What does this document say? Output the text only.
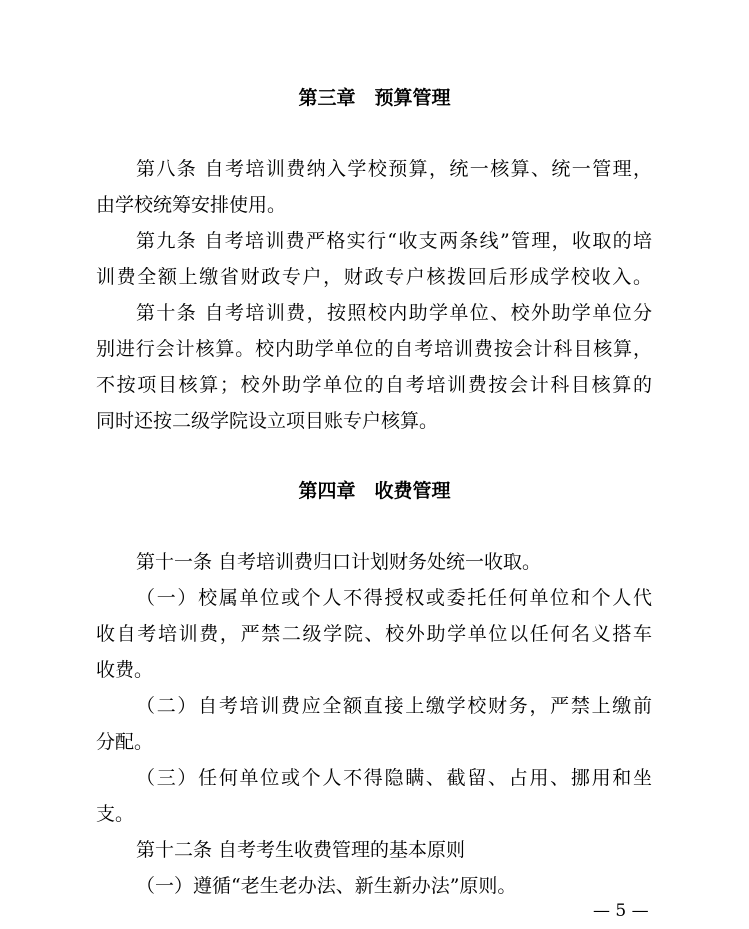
第三章　预算管理
第八条 自考培训费纳入学校预算，统一核算、统一管理，
由学校统筹安排使用。
第九条 自考培训费严格实行“收支两条线”管理，收取的培
训费全额上缴省财政专户，财政专户核拨回后形成学校收入。
第十条 自考培训费，按照校内助学单位、校外助学单位分
别进行会计核算。校内助学单位的自考培训费按会计科目核算，
不按项目核算；校外助学单位的自考培训费按会计科目核算的
同时还按二级学院设立项目账专户核算。
第四章　收费管理
第十一条 自考培训费归口计划财务处统一收取。
（一）校属单位或个人不得授权或委托任何单位和个人代
收自考培训费，严禁二级学院、校外助学单位以任何名义搭车
收费。
（二）自考培训费应全额直接上缴学校财务，严禁上缴前
分配。
（三）任何单位或个人不得隐瞒、截留、占用、挪用和坐
支。
第十二条 自考考生收费管理的基本原则
（一）遵循“老生老办法、新生新办法”原则。
— 5 —
